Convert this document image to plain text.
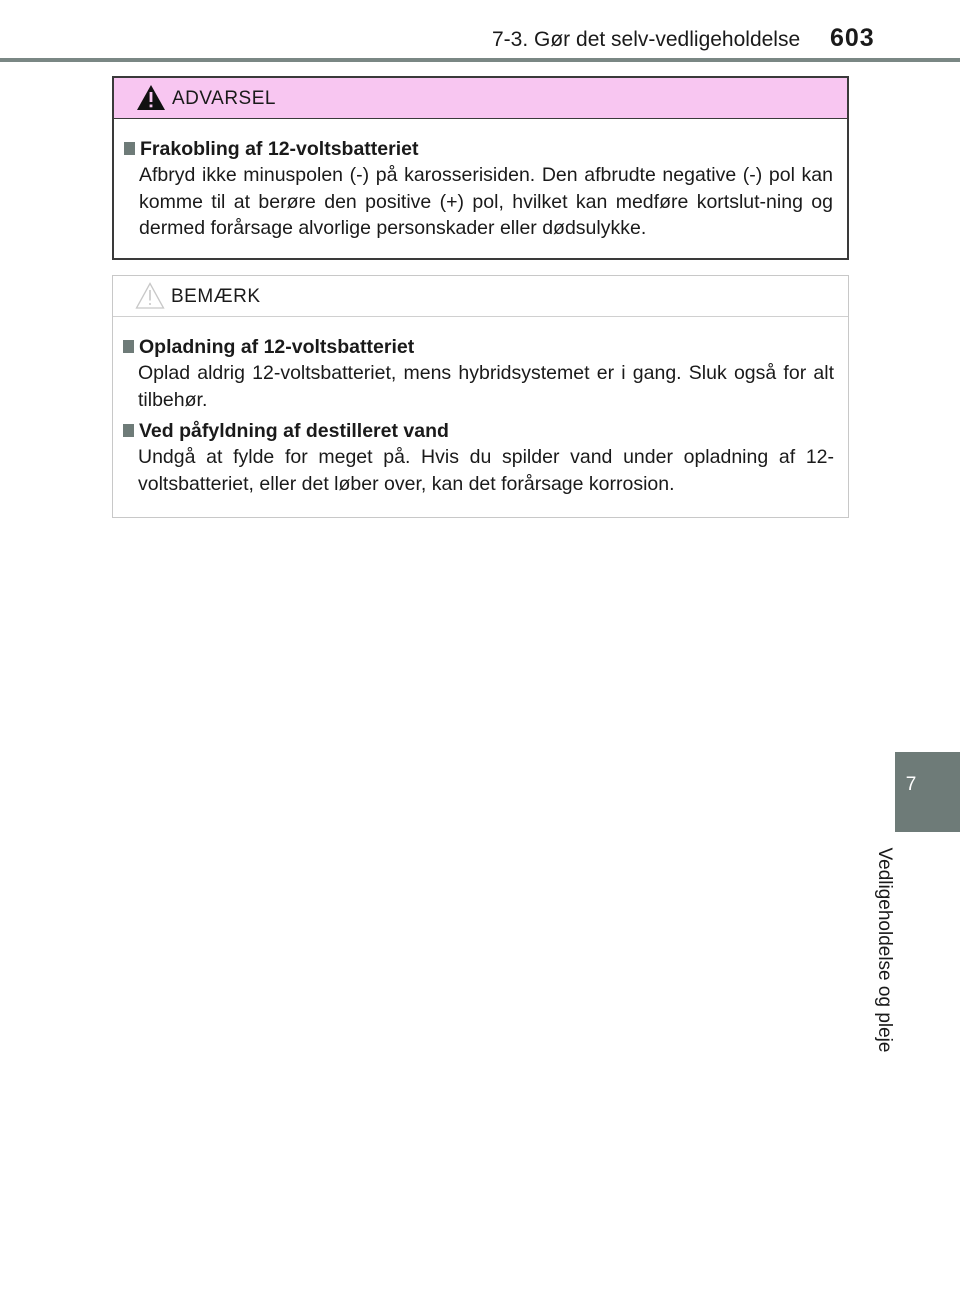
7-3. Gør det selv-vedligeholdelse 603
ADVARSEL
Frakobling af 12-voltsbatteriet
Afbryd ikke minuspolen (-) på karosserisiden. Den afbrudte negative (-) pol kan komme til at berøre den positive (+) pol, hvilket kan medføre kortslut-ning og dermed forårsage alvorlige personskader eller dødsulykke.
BEMÆRK
Opladning af 12-voltsbatteriet
Oplad aldrig 12-voltsbatteriet, mens hybridsystemet er i gang. Sluk også for alt tilbehør.
Ved påfyldning af destilleret vand
Undgå at fylde for meget på. Hvis du spilder vand under opladning af 12-voltsbatteriet, eller det løber over, kan det forårsage korrosion.
7
Vedligeholdelse og pleje
